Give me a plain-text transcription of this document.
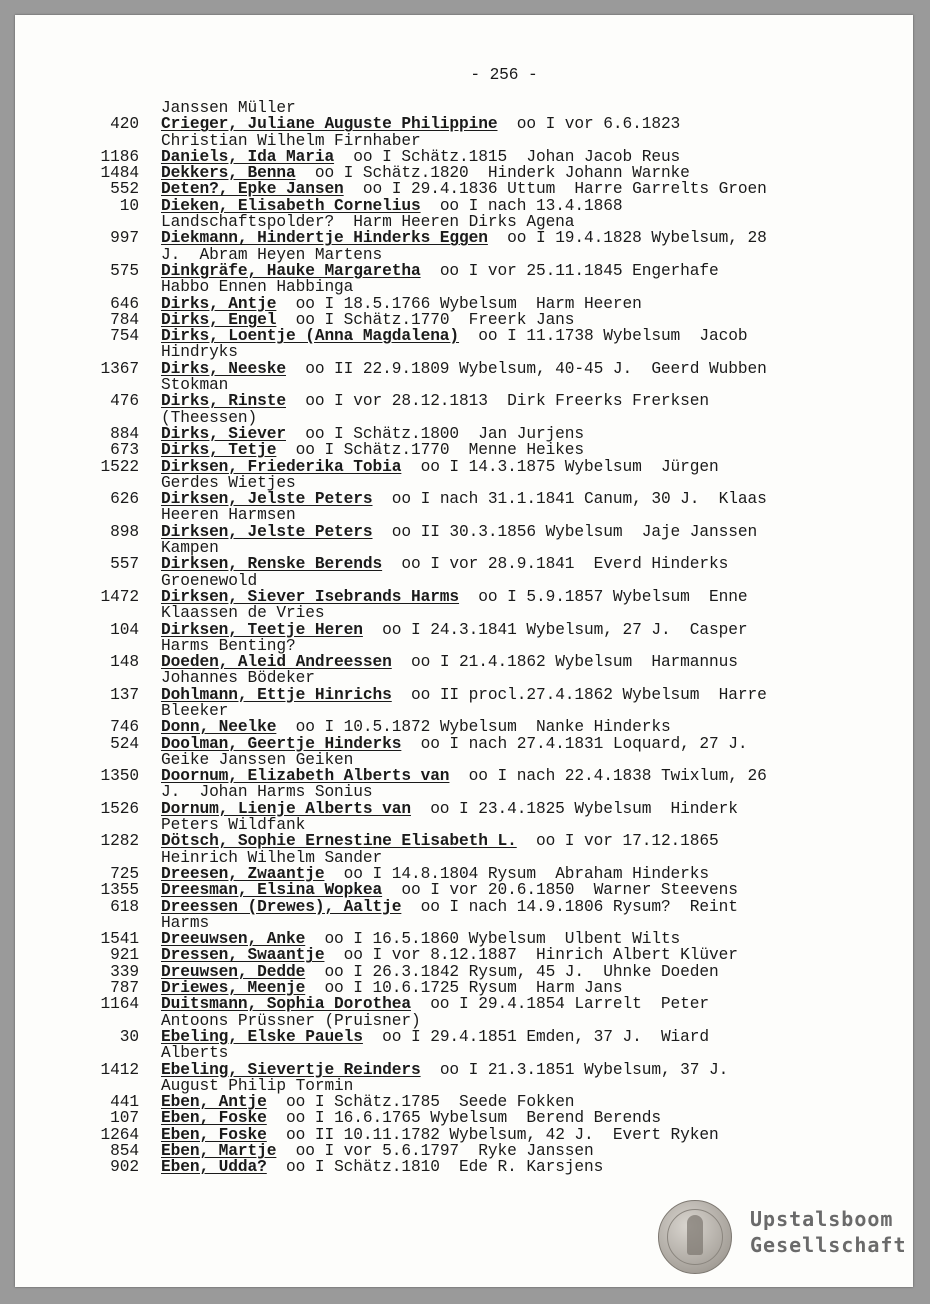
- 256 -
Janssen Müller
420 Crieger, Juliane Auguste Philippine  oo I vor 6.6.1823
Christian Wilhelm Firnhaber
1186 Daniels, Ida Maria  oo I Schätz.1815  Johan Jacob Reus
1484 Dekkers, Benna  oo I Schätz.1820  Hinderk Johann Warnke
552 Deten?, Epke Jansen  oo I 29.4.1836 Uttum  Harre Garrelts Groen
10 Dieken, Elisabeth Cornelius  oo I nach 13.4.1868
Landschaftspolder?  Harm Heeren Dirks Agena
997 Diekmann, Hindertje Hinderks Eggen  oo I 19.4.1828 Wybelsum, 28
J.  Abram Heyen Martens
575 Dinkgräfe, Hauke Margaretha  oo I vor 25.11.1845 Engerhafe
Habbo Ennen Habbinga
646 Dirks, Antje  oo I 18.5.1766 Wybelsum  Harm Heeren
784 Dirks, Engel  oo I Schätz.1770  Freerk Jans
754 Dirks, Loentje (Anna Magdalena)  oo I 11.1738 Wybelsum  Jacob
Hindryks
1367 Dirks, Neeske  oo II 22.9.1809 Wybelsum, 40-45 J.  Geerd Wubben
Stokman
476 Dirks, Rinste  oo I vor 28.12.1813  Dirk Freerks Frerksen
(Theessen)
884 Dirks, Siever  oo I Schätz.1800  Jan Jurjens
673 Dirks, Tetje  oo I Schätz.1770  Menne Heikes
1522 Dirksen, Friederika Tobia  oo I 14.3.1875 Wybelsum  Jürgen
Gerdes Wietjes
626 Dirksen, Jelste Peters  oo I nach 31.1.1841 Canum, 30 J.  Klaas
Heeren Harmsen
898 Dirksen, Jelste Peters  oo II 30.3.1856 Wybelsum  Jaje Janssen
Kampen
557 Dirksen, Renske Berends  oo I vor 28.9.1841  Everd Hinderks
Groenewold
1472 Dirksen, Siever Isebrands Harms  oo I 5.9.1857 Wybelsum  Enne
Klaassen de Vries
104 Dirksen, Teetje Heren  oo I 24.3.1841 Wybelsum, 27 J.  Casper
Harms Benting?
148 Doeden, Aleid Andreessen  oo I 21.4.1862 Wybelsum  Harmannus
Johannes Bödeker
137 Dohlmann, Ettje Hinrichs  oo II procl.27.4.1862 Wybelsum  Harre
Bleeker
746 Donn, Neelke  oo I 10.5.1872 Wybelsum  Nanke Hinderks
524 Doolman, Geertje Hinderks  oo I nach 27.4.1831 Loquard, 27 J.
Geike Janssen Geiken
1350 Doornum, Elizabeth Alberts van  oo I nach 22.4.1838 Twixlum, 26
J.  Johan Harms Sonius
1526 Dornum, Lienje Alberts van  oo I 23.4.1825 Wybelsum  Hinderk
Peters Wildfank
1282 Dötsch, Sophie Ernestine Elisabeth L.  oo I vor 17.12.1865
Heinrich Wilhelm Sander
725 Dreesen, Zwaantje  oo I 14.8.1804 Rysum  Abraham Hinderks
1355 Dreesman, Elsina Wopkea  oo I vor 20.6.1850  Warner Steevens
618 Dreessen (Drewes), Aaltje  oo I nach 14.9.1806 Rysum?  Reint
Harms
1541 Dreeuwsen, Anke  oo I 16.5.1860 Wybelsum  Ulbent Wilts
921 Dressen, Swaantje  oo I vor 8.12.1887  Hinrich Albert Klüver
339 Dreuwsen, Dedde  oo I 26.3.1842 Rysum, 45 J.  Uhnke Doeden
787 Driewes, Meenje  oo I 10.6.1725 Rysum  Harm Jans
1164 Duitsmann, Sophia Dorothea  oo I 29.4.1854 Larrelt  Peter
Antoons Prüssner (Pruisner)
30 Ebeling, Elske Pauels  oo I 29.4.1851 Emden, 37 J.  Wiard
Alberts
1412 Ebeling, Sievertje Reinders  oo I 21.3.1851 Wybelsum, 37 J.
August Philip Tormin
441 Eben, Antje  oo I Schätz.1785  Seede Fokken
107 Eben, Foske  oo I 16.6.1765 Wybelsum  Berend Berends
1264 Eben, Foske  oo II 10.11.1782 Wybelsum, 42 J.  Evert Ryken
854 Eben, Martje  oo I vor 5.6.1797  Ryke Janssen
902 Eben, Udda?  oo I Schätz.1810  Ede R. Karsjens
Upstalsboom
Gesellschaft
